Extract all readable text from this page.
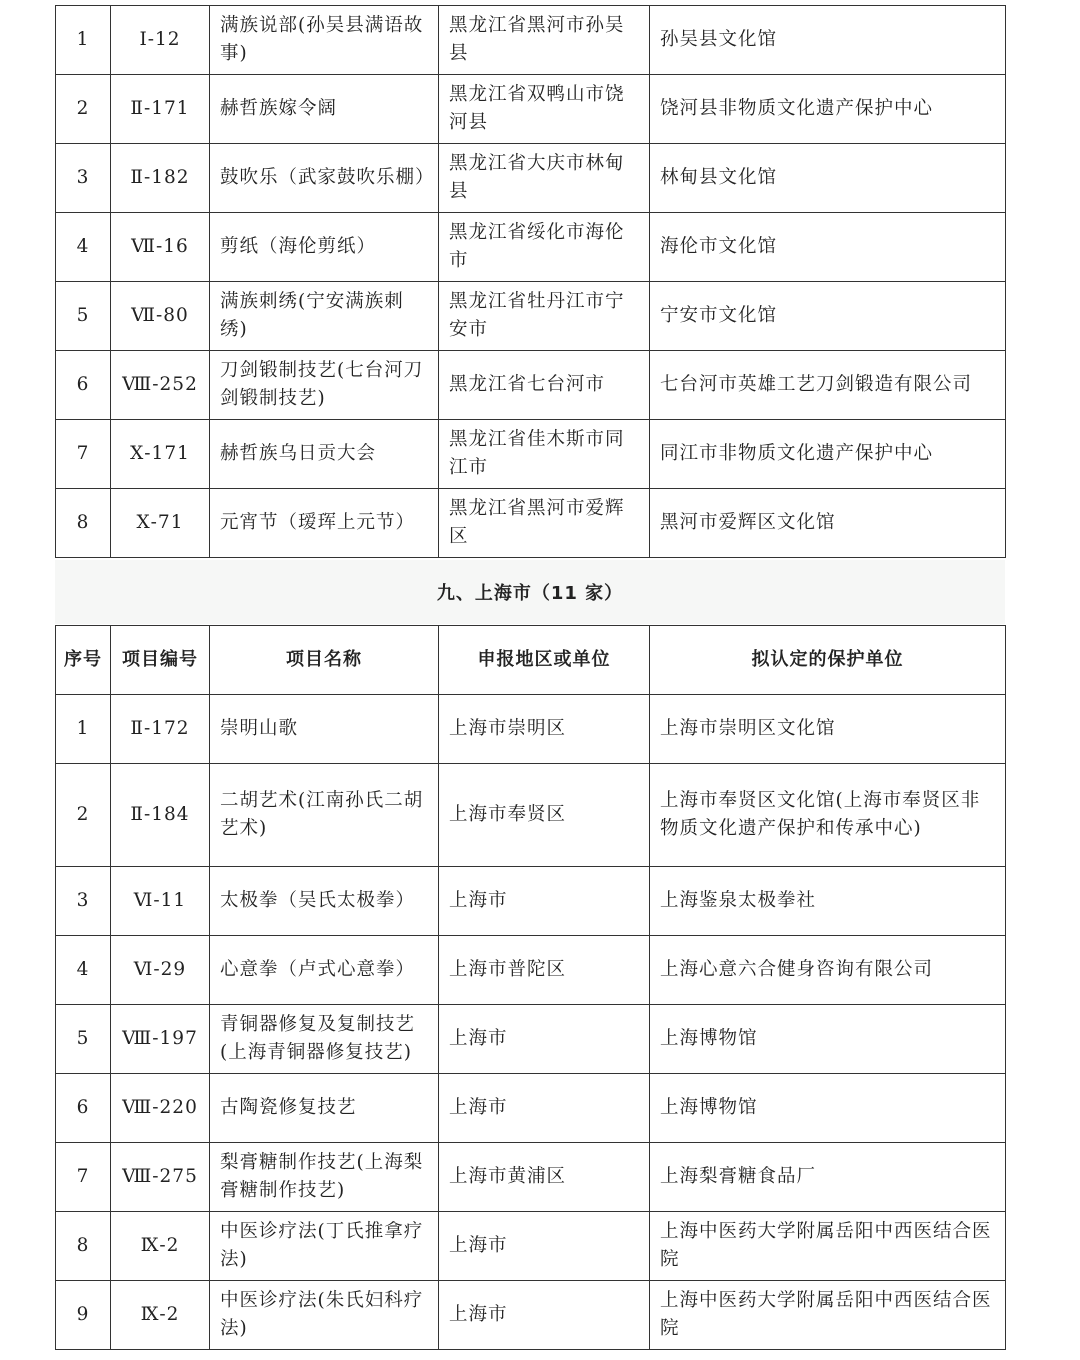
1	Ⅰ-12	满族说部(孙吴县满语故事)	黑龙江省黑河市孙吴县	孙吴县文化馆
2	Ⅱ-171	赫哲族嫁令阔	黑龙江省双鸭山市饶河县	饶河县非物质文化遗产保护中心
3	Ⅱ-182	鼓吹乐（武家鼓吹乐棚）	黑龙江省大庆市林甸县	林甸县文化馆
4	Ⅶ-16	剪纸（海伦剪纸）	黑龙江省绥化市海伦市	海伦市文化馆
5	Ⅶ-80	满族刺绣(宁安满族刺绣)	黑龙江省牡丹江市宁安市	宁安市文化馆
6	Ⅷ-252	刀剑锻制技艺(七台河刀剑锻制技艺)	黑龙江省七台河市	七台河市英雄工艺刀剑锻造有限公司
7	Ⅹ-171	赫哲族乌日贡大会	黑龙江省佳木斯市同江市	同江市非物质文化遗产保护中心
8	Ⅹ-71	元宵节（瑷珲上元节）	黑龙江省黑河市爱辉区	黑河市爱辉区文化馆
九、上海市（11 家）
序号	项目编号	项目名称	申报地区或单位	拟认定的保护单位
1	Ⅱ-172	崇明山歌	上海市崇明区	上海市崇明区文化馆
2	Ⅱ-184	二胡艺术(江南孙氏二胡艺术)	上海市奉贤区	上海市奉贤区文化馆(上海市奉贤区非物质文化遗产保护和传承中心)
3	Ⅵ-11	太极拳（吴氏太极拳）	上海市	上海鉴泉太极拳社
4	Ⅵ-29	心意拳（卢式心意拳）	上海市普陀区	上海心意六合健身咨询有限公司
5	Ⅷ-197	青铜器修复及复制技艺(上海青铜器修复技艺)	上海市	上海博物馆
6	Ⅷ-220	古陶瓷修复技艺	上海市	上海博物馆
7	Ⅷ-275	梨膏糖制作技艺(上海梨膏糖制作技艺)	上海市黄浦区	上海梨膏糖食品厂
8	Ⅸ-2	中医诊疗法(丁氏推拿疗法)	上海市	上海中医药大学附属岳阳中西医结合医院
9	Ⅸ-2	中医诊疗法(朱氏妇科疗法)	上海市	上海中医药大学附属岳阳中西医结合医院
